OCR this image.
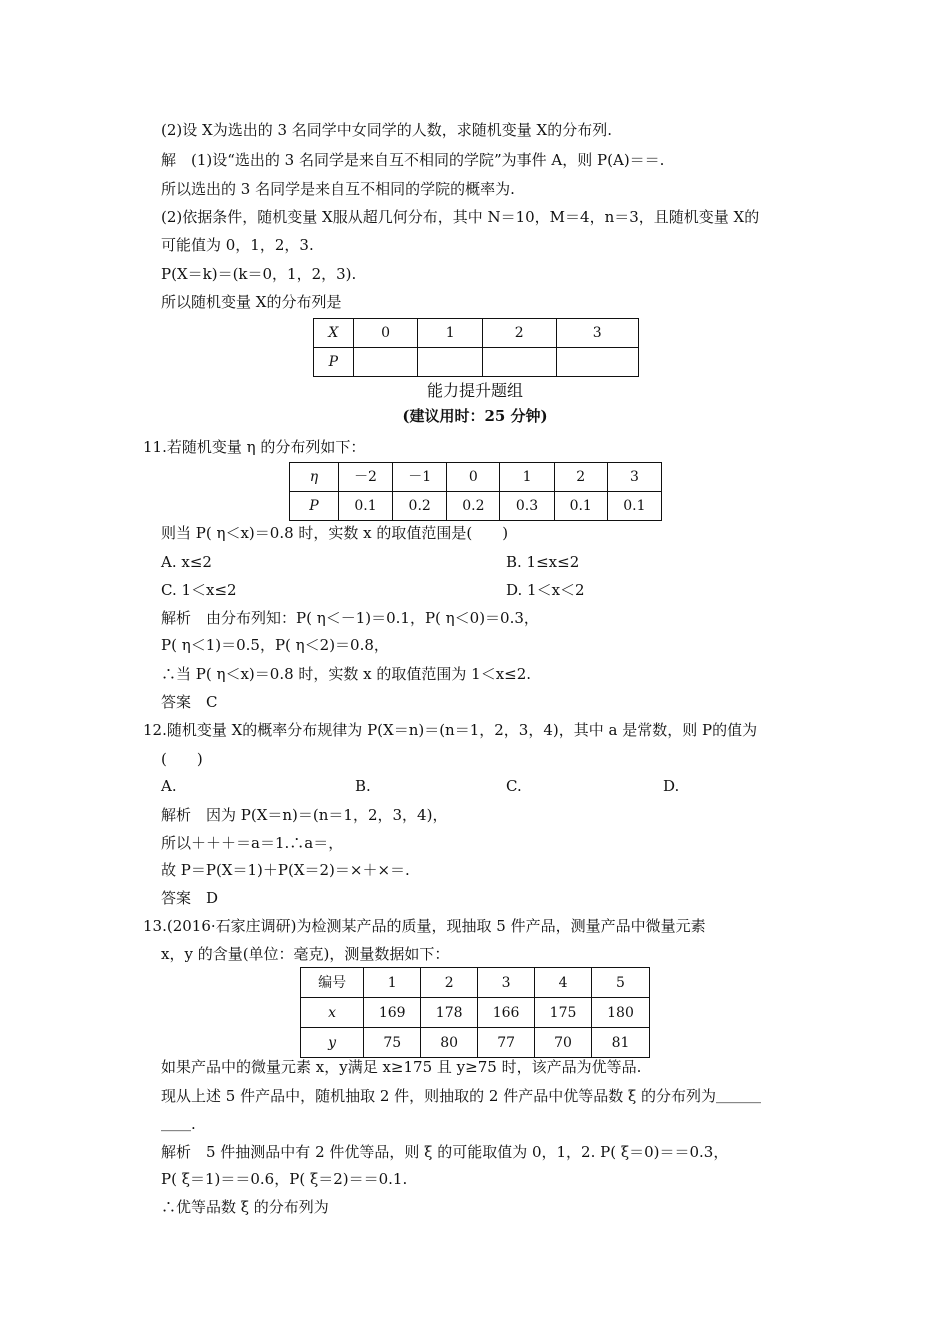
(2)设 X为选出的 3 名同学中女同学的人数，求随机变量 X的分布列.
解　(1)设“选出的 3 名同学是来自互不相同的学院”为事件 A，则 P(A)＝＝.
所以选出的 3 名同学是来自互不相同的学院的概率为.
(2)依据条件，随机变量 X服从超几何分布，其中 N＝10，M＝4，n＝3，且随机变量 X的
可能值为 0，1，2，3.
P(X＝k)＝(k＝0，1，2，3).
所以随机变量 X的分布列是
X	0	1	2	3
P				
能力提升题组
(建议用时：25 分钟)
11.若随机变量 η 的分布列如下：
η	－2	－1	0	1	2	3
P	0.1	0.2	0.2	0.3	0.1	0.1
则当 P( η＜x)＝0.8 时，实数 x 的取值范围是(　　)
A. x≤2	B. 1≤x≤2
C. 1＜x≤2	D. 1＜x＜2
解析　由分布列知：P( η＜－1)＝0.1，P( η＜0)＝0.3，
P( η＜1)＝0.5，P( η＜2)＝0.8，
∴当 P( η＜x)＝0.8 时，实数 x 的取值范围为 1＜x≤2.
答案　C
12.随机变量 X的概率分布规律为 P(X＝n)＝(n＝1，2，3，4)，其中 a 是常数，则 P的值为
(　　)
A.	B.	C.	D.
解析　因为 P(X＝n)＝(n＝1，2，3，4)，
所以＋＋＋＝a＝1.∴a＝，
故 P＝P(X＝1)＋P(X＝2)＝×＋×＝.
答案　D
13.(2016·石家庄调研)为检测某产品的质量，现抽取 5 件产品，测量产品中微量元素
x，y 的含量(单位：毫克)，测量数据如下：
编号	1	2	3	4	5
x	169	178	166	175	180
y	75	80	77	70	81
如果产品中的微量元素 x，y满足 x≥175 且 y≥75 时，该产品为优等品.
现从上述 5 件产品中，随机抽取 2 件，则抽取的 2 件产品中优等品数 ξ 的分布列为＿＿＿
＿＿.
解析　5 件抽测品中有 2 件优等品，则 ξ 的可能取值为 0，1，2. P( ξ＝0)＝＝0.3，
P( ξ＝1)＝＝0.6，P( ξ＝2)＝＝0.1.
∴优等品数 ξ 的分布列为
